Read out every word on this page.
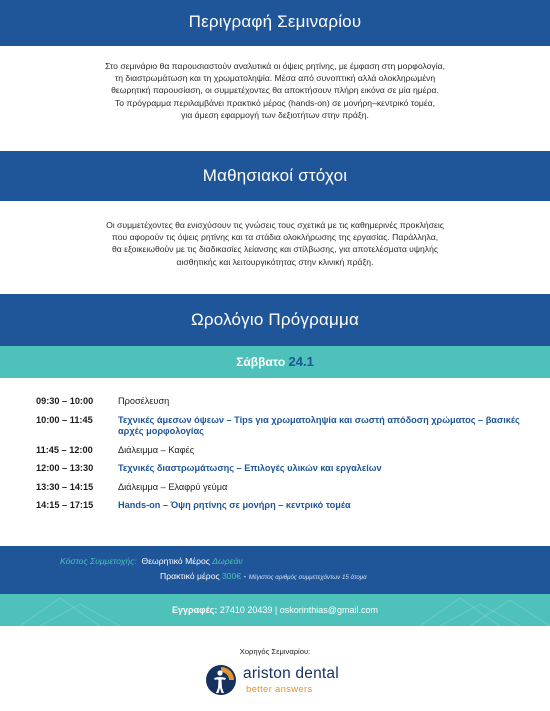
Περιγραφή Σεμιναρίου
Στο σεμινάριο θα παρουσιαστούν αναλυτικά οι όψεις ρητίνης, με έμφαση στη μορφολογία,
τη διαστρωμάτωση και τη χρωματοληψία. Μέσα από συνοπτική αλλά ολοκληρωμένη
θεωρητική παρουσίαση, οι συμμετέχοντες θα αποκτήσουν πλήρη εικόνα σε μία ημέρα.
Το πρόγραμμα περιλαμβάνει πρακτικό μέρος (hands-on) σε μονήρη–κεντρικό τομέα,
για άμεση εφαρμογή των δεξιοτήτων στην πράξη.
Μαθησιακοί στόχοι
Οι συμμετέχοντες θα ενισχύσουν τις γνώσεις τους σχετικά με τις καθημερινές προκλήσεις
που αφορούν τις όψεις ρητίνης και τα στάδια ολοκλήρωσης της εργασίας. Παράλληλα,
θα εξοικειωθούν με τις διαδικασίες λείανσης και στίλβωσης, για αποτελέσματα υψηλής
αισθητικής και λειτουργικότητας στην κλινική πράξη.
Ωρολόγιο Πρόγραμμα
Σάββατο 24.1
09:30 – 10:00	Προσέλευση
10:00 – 11:45	Τεχνικές άμεσων όψεων – Tips για χρωματοληψία και σωστή απόδοση χρώματος – βασικές αρχές μορφολογίας
11:45 – 12:00	Διάλειμμα – Καφές
12:00 – 13:30	Τεχνικές διαστρωμάτωσης – Επιλογές υλικών και εργαλείων
13:30 – 14:15	Διάλειμμα – Ελαφρύ γεύμα
14:15 – 17:15	Hands-on – Όψη ρητίνης σε μονήρη – κεντρικό τομέα
Κόστος Συμμετοχής: Θεωρητικό Μέρος Δωρεάν
Πρακτικό μέρος 300€ - Μέγιστος αριθμός συμμετεχόντων 15 άτομα
Εγγραφές: 27410 20439 | oskorinthias@gmail.com
Χορηγός Σεμιναρίου:
ariston dental
better answers
